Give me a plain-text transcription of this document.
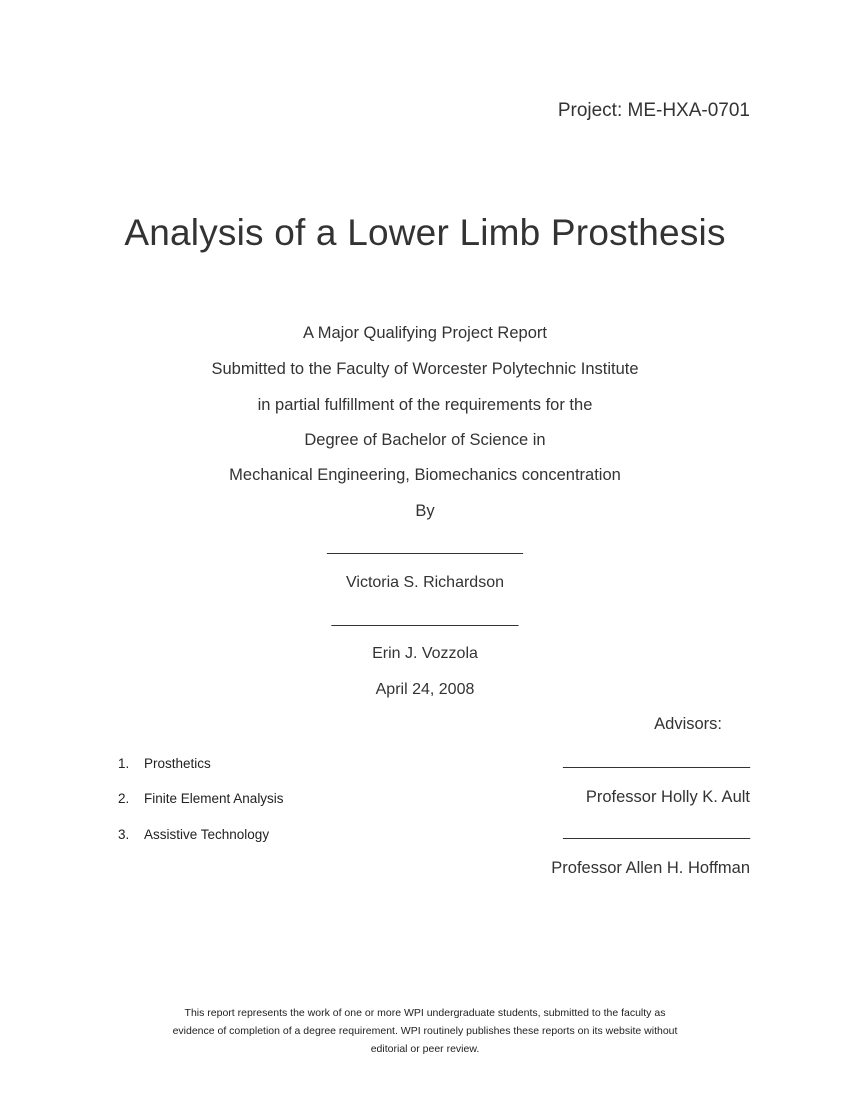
Project: ME-HXA-0701
Analysis of a Lower Limb Prosthesis
A Major Qualifying Project Report
Submitted to the Faculty of Worcester Polytechnic Institute
in partial fulfillment of the requirements for the
Degree of Bachelor of Science in
Mechanical Engineering, Biomechanics concentration
By
______________________
Victoria S. Richardson
_____________________
Erin J. Vozzola
April 24, 2008
Advisors:
_____________________
Professor Holly K. Ault
_____________________
Professor Allen H. Hoffman
1. Prosthetics
2. Finite Element Analysis
3. Assistive Technology
This report represents the work of one or more WPI undergraduate students, submitted to the faculty as
evidence of completion of a degree requirement. WPI routinely publishes these reports on its website without
editorial or peer review.
